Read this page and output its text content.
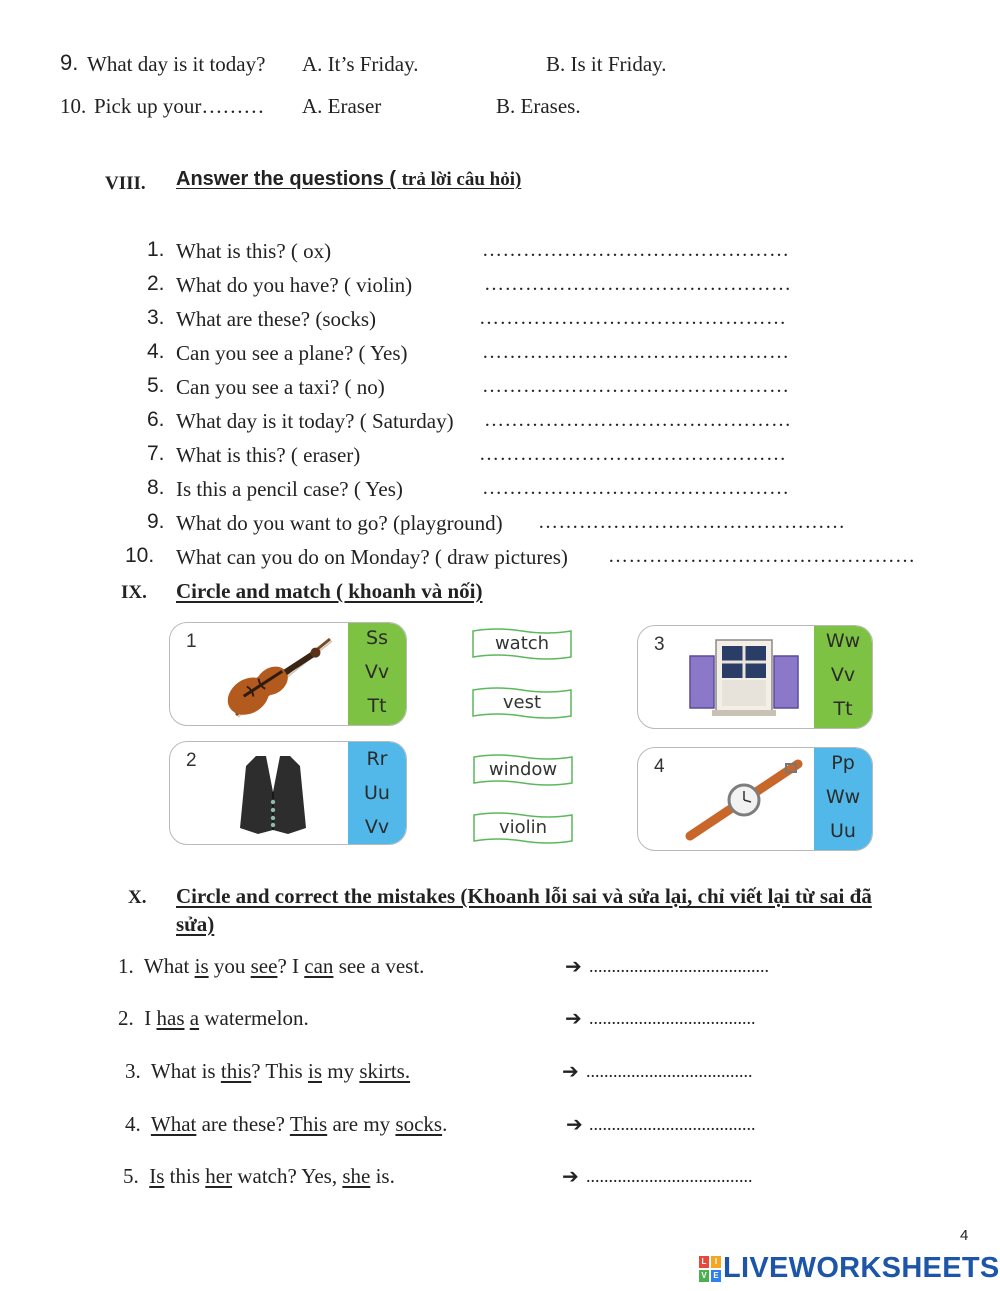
9. What day is it today? A. It’s Friday.	B. Is it Friday.
10. Pick up your……… A. Eraser	B. Erases.
VIII. Answer the questions ( trả lời câu hỏi)
1. What is this? ( ox)	………………………………………
2. What do you have? ( violin)	………………………………………
3. What are these? (socks)	………………………………………
4. Can you see a plane? ( Yes)	………………………………………
5. Can you see a taxi? ( no)	………………………………………
6. What day is it today? ( Saturday) ………………………………………
7. What is this? ( eraser)	………………………………………
8. Is this a pencil case? ( Yes)	………………………………………
9. What do you want to go? (playground) ………………………………………
10. What can you do on Monday? ( draw pictures) ………………………………………
IX. Circle and match ( khoanh và nối)
1	Ss
Vv
Tt
2	Rr
Uu
Vv
3	Ww
Vv
Tt
4	Pp
Ww
Uu
watch
vest
window
violin
X. Circle and correct the mistakes (Khoanh lỗi sai và sửa lại, chỉ viết lại từ sai đã
sửa)
1. What is you see? I can see a vest.	➔ ........................................
2. I has a watermelon.	➔ .....................................
3. What is this? This is my skirts.	➔ .....................................
4. What are these? This are my socks.	➔ .....................................
5. Is this her watch? Yes, she is.	➔ .....................................
4
L	I
V E LIVEWORKSHEETS
